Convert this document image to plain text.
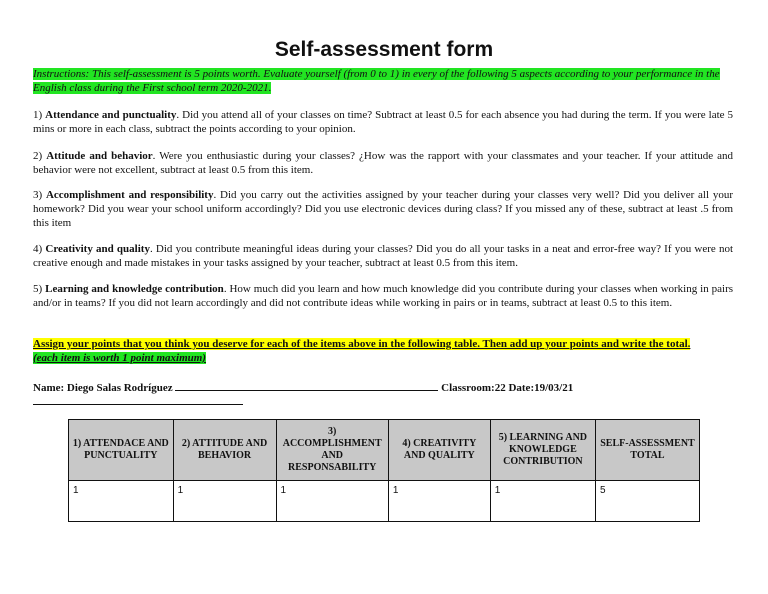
Self-assessment form
Instructions: This self-assessment is 5 points worth. Evaluate yourself (from 0 to 1) in every of the following 5 aspects according to your performance in the English class during the First school term 2020-2021.
1) Attendance and punctuality. Did you attend all of your classes on time? Subtract at least 0.5 for each absence you had during the term. If you were late 5 mins or more in each class, subtract the points according to your opinion.
2) Attitude and behavior. Were you enthusiastic during your classes? ¿How was the rapport with your classmates and your teacher. If your attitude and behavior were not excellent, subtract at least 0.5 from this item.
3) Accomplishment and responsibility. Did you carry out the activities assigned by your teacher during your classes very well? Did you deliver all your homework? Did you wear your school uniform accordingly? Did you use electronic devices during class? If you missed any of these, subtract at least .5 from this item
4) Creativity and quality. Did you contribute meaningful ideas during your classes? Did you do all your tasks in a neat and error-free way? If you were not creative enough and made mistakes in your tasks assigned by your teacher, subtract at least 0.5 from this item.
5) Learning and knowledge contribution. How much did you learn and how much knowledge did you contribute during your classes when working in pairs and/or in teams? If you did not learn accordingly and did not contribute ideas while working in pairs or in teams, subtract at least 0.5 to this item.
Assign your points that you think you deserve for each of the items above in the following table. Then add up your points and write the total.
(each item is worth 1 point maximum)
Name: Diego Salas Rodríguez	Classroom:22 Date:19/03/21
1) ATTENDACE AND PUNCTUALITY	2) ATTITUDE AND BEHAVIOR	3) ACCOMPLISHMENT AND RESPONSABILITY	4) CREATIVITY AND QUALITY	5) LEARNING AND KNOWLEDGE CONTRIBUTION	SELF-ASSESSMENT TOTAL
1	1	1	1	1	5
